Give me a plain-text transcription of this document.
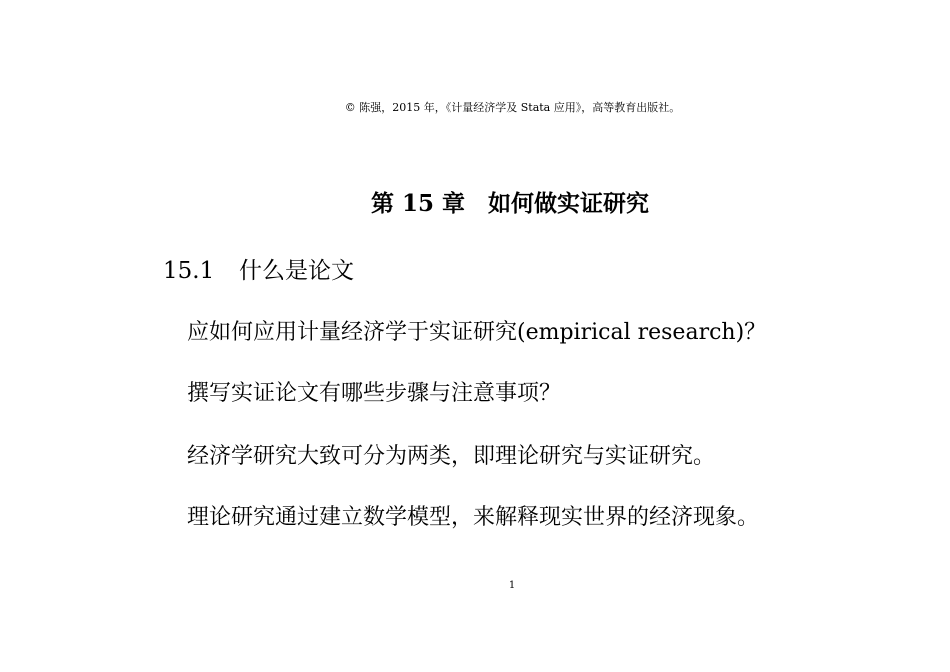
© 陈强，2015 年，《计量经济学及 Stata 应用》，高等教育出版社。
第 15 章　如何做实证研究
15.1 什么是论文
应如何应用计量经济学于实证研究(empirical research)？
撰写实证论文有哪些步骤与注意事项？
经济学研究大致可分为两类，即理论研究与实证研究。
理论研究通过建立数学模型，来解释现实世界的经济现象。
1
